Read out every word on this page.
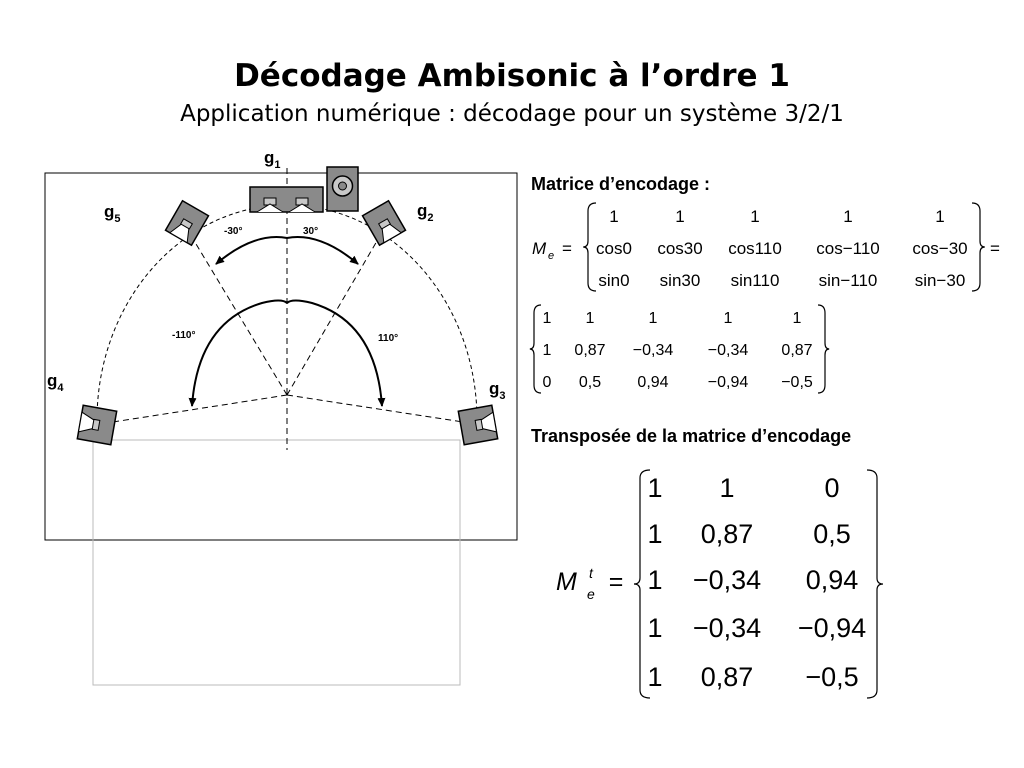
Décodage Ambisonic à l’ordre 1
Application numérique : décodage pour un système 3/2/1
-30°	30°
-110°	110°
$g_1$
$g_5$	$g_2$
$g_4$	$g_3$
Matrice d’encodage :
Transposée de la matrice d’encodage
M e =
1	1	1	1	1
cos0 cos30 cos110 cos−110 cos−30
sin0 sin30 sin110 sin−110 sin−30
=
1 1	1	1	1
1 0,87 −0,34 −0,34 0,87
0 0,5 0,94 −0,94 −0,5
M t
e =
1 1	0
1 0,87 0,5
1 −0,34 0,94
1 −0,34 −0,94
1 0,87 −0,5
